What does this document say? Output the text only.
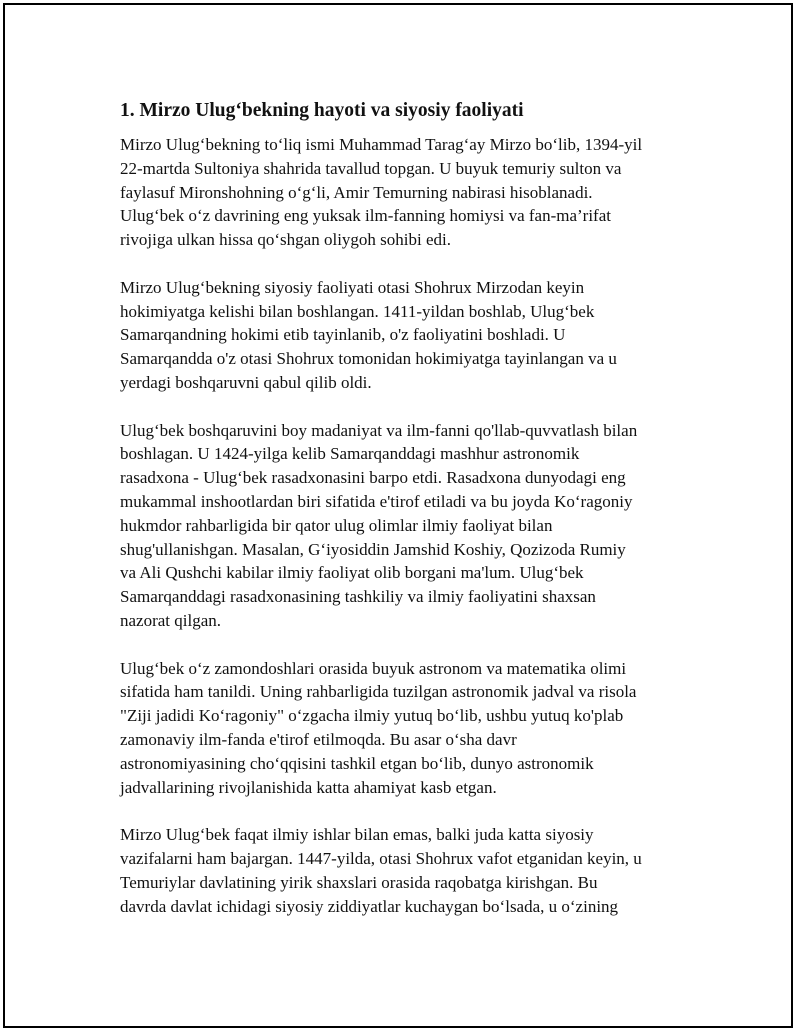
1. Mirzo Ulug‘bekning hayoti va siyosiy faoliyati

Mirzo Ulug‘bekning to‘liq ismi Muhammad Tarag‘ay Mirzo bo‘lib, 1394-yil
22-martda Sultoniya shahrida tavallud topgan. U buyuk temuriy sulton va
faylasuf Mironshohning o‘g‘li, Amir Temurning nabirasi hisoblanadi.
Ulug‘bek o‘z davrining eng yuksak ilm-fanning homiysi va fan-ma’rifat
rivojiga ulkan hissa qo‘shgan oliygoh sohibi edi.

Mirzo Ulug‘bekning siyosiy faoliyati otasi Shohrux Mirzodan keyin
hokimiyatga kelishi bilan boshlangan. 1411-yildan boshlab, Ulug‘bek
Samarqandning hokimi etib tayinlanib, o'z faoliyatini boshladi. U
Samarqandda o'z otasi Shohrux tomonidan hokimiyatga tayinlangan va u
yerdagi boshqaruvni qabul qilib oldi.

Ulug‘bek boshqaruvini boy madaniyat va ilm-fanni qo'llab-quvvatlash bilan
boshlagan. U 1424-yilga kelib Samarqanddagi mashhur astronomik
rasadxona - Ulug‘bek rasadxonasini barpo etdi. Rasadxona dunyodagi eng
mukammal inshootlardan biri sifatida e'tirof etiladi va bu joyda Ko‘ragoniy
hukmdor rahbarligida bir qator ulug olimlar ilmiy faoliyat bilan
shug'ullanishgan. Masalan, G‘iyosiddin Jamshid Koshiy, Qozizoda Rumiy
va Ali Qushchi kabilar ilmiy faoliyat olib borgani ma'lum. Ulug‘bek
Samarqanddagi rasadxonasining tashkiliy va ilmiy faoliyatini shaxsan
nazorat qilgan.

Ulug‘bek o‘z zamondoshlari orasida buyuk astronom va matematika olimi
sifatida ham tanildi. Uning rahbarligida tuzilgan astronomik jadval va risola
"Ziji jadidi Ko‘ragoniy" o‘zgacha ilmiy yutuq bo‘lib, ushbu yutuq ko'plab
zamonaviy ilm-fanda e'tirof etilmoqda. Bu asar o‘sha davr
astronomiyasining cho‘qqisini tashkil etgan bo‘lib, dunyo astronomik
jadvallarining rivojlanishida katta ahamiyat kasb etgan.

Mirzo Ulug‘bek faqat ilmiy ishlar bilan emas, balki juda katta siyosiy
vazifalarni ham bajargan. 1447-yilda, otasi Shohrux vafot etganidan keyin, u
Temuriylar davlatining yirik shaxslari orasida raqobatga kirishgan. Bu
davrda davlat ichidagi siyosiy ziddiyatlar kuchaygan bo‘lsada, u o‘zining
